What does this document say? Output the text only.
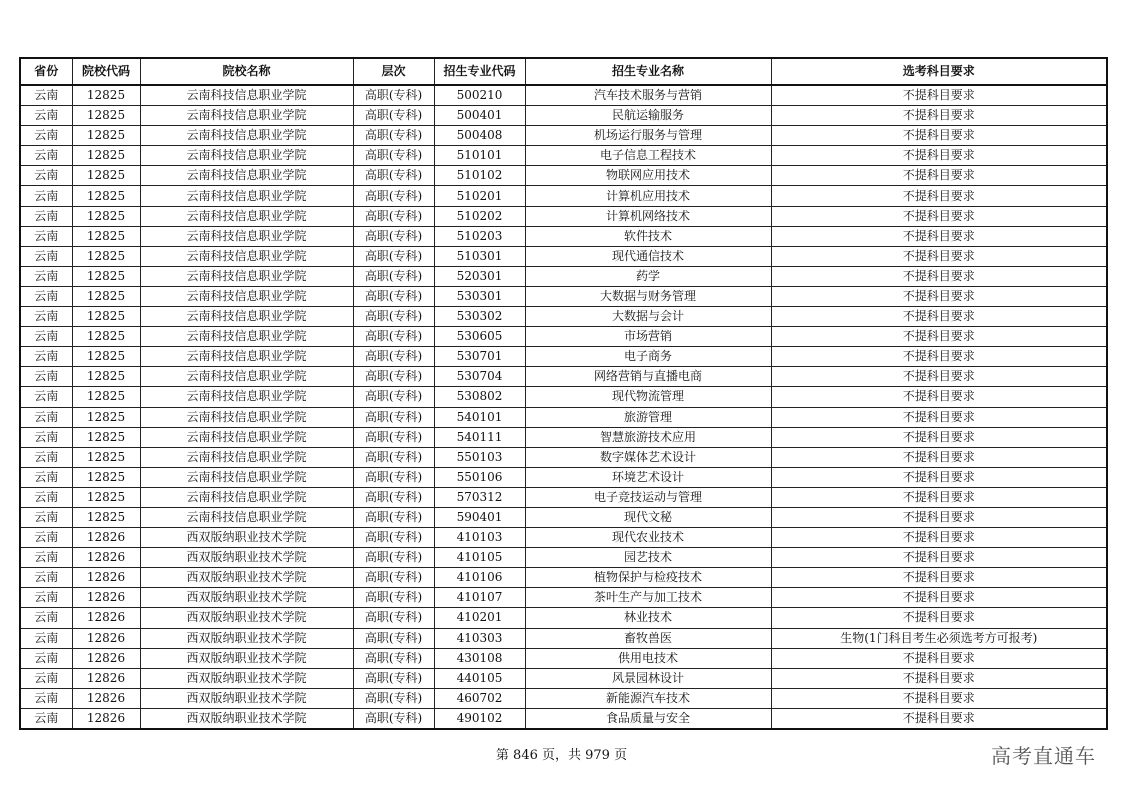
省份	院校代码	院校名称	层次	招生专业代码	招生专业名称	选考科目要求
云南	12825	云南科技信息职业学院	高职(专科)	500210	汽车技术服务与营销	不提科目要求
云南	12825	云南科技信息职业学院	高职(专科)	500401	民航运输服务	不提科目要求
云南	12825	云南科技信息职业学院	高职(专科)	500408	机场运行服务与管理	不提科目要求
云南	12825	云南科技信息职业学院	高职(专科)	510101	电子信息工程技术	不提科目要求
云南	12825	云南科技信息职业学院	高职(专科)	510102	物联网应用技术	不提科目要求
云南	12825	云南科技信息职业学院	高职(专科)	510201	计算机应用技术	不提科目要求
云南	12825	云南科技信息职业学院	高职(专科)	510202	计算机网络技术	不提科目要求
云南	12825	云南科技信息职业学院	高职(专科)	510203	软件技术	不提科目要求
云南	12825	云南科技信息职业学院	高职(专科)	510301	现代通信技术	不提科目要求
云南	12825	云南科技信息职业学院	高职(专科)	520301	药学	不提科目要求
云南	12825	云南科技信息职业学院	高职(专科)	530301	大数据与财务管理	不提科目要求
云南	12825	云南科技信息职业学院	高职(专科)	530302	大数据与会计	不提科目要求
云南	12825	云南科技信息职业学院	高职(专科)	530605	市场营销	不提科目要求
云南	12825	云南科技信息职业学院	高职(专科)	530701	电子商务	不提科目要求
云南	12825	云南科技信息职业学院	高职(专科)	530704	网络营销与直播电商	不提科目要求
云南	12825	云南科技信息职业学院	高职(专科)	530802	现代物流管理	不提科目要求
云南	12825	云南科技信息职业学院	高职(专科)	540101	旅游管理	不提科目要求
云南	12825	云南科技信息职业学院	高职(专科)	540111	智慧旅游技术应用	不提科目要求
云南	12825	云南科技信息职业学院	高职(专科)	550103	数字媒体艺术设计	不提科目要求
云南	12825	云南科技信息职业学院	高职(专科)	550106	环境艺术设计	不提科目要求
云南	12825	云南科技信息职业学院	高职(专科)	570312	电子竞技运动与管理	不提科目要求
云南	12825	云南科技信息职业学院	高职(专科)	590401	现代文秘	不提科目要求
云南	12826	西双版纳职业技术学院	高职(专科)	410103	现代农业技术	不提科目要求
云南	12826	西双版纳职业技术学院	高职(专科)	410105	园艺技术	不提科目要求
云南	12826	西双版纳职业技术学院	高职(专科)	410106	植物保护与检疫技术	不提科目要求
云南	12826	西双版纳职业技术学院	高职(专科)	410107	茶叶生产与加工技术	不提科目要求
云南	12826	西双版纳职业技术学院	高职(专科)	410201	林业技术	不提科目要求
云南	12826	西双版纳职业技术学院	高职(专科)	410303	畜牧兽医	生物(1门科目考生必须选考方可报考)
云南	12826	西双版纳职业技术学院	高职(专科)	430108	供用电技术	不提科目要求
云南	12826	西双版纳职业技术学院	高职(专科)	440105	风景园林设计	不提科目要求
云南	12826	西双版纳职业技术学院	高职(专科)	460702	新能源汽车技术	不提科目要求
云南	12826	西双版纳职业技术学院	高职(专科)	490102	食品质量与安全	不提科目要求
第 846 页，共 979 页	高考直通车
